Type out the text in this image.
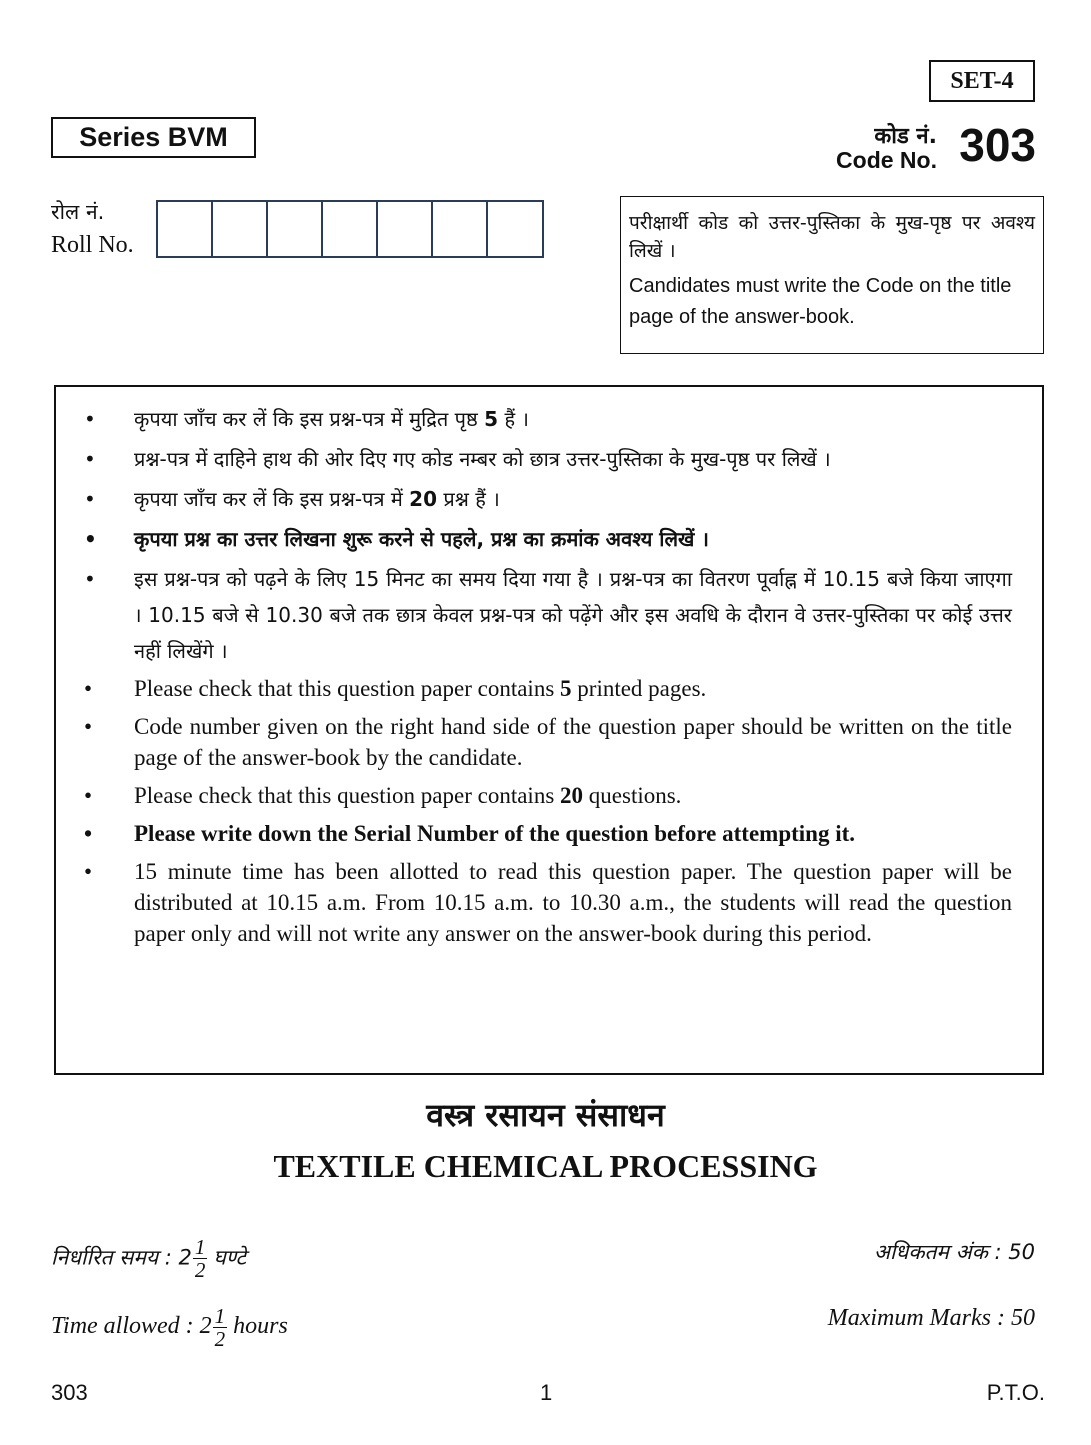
SET-4
Series BVM	कोड नं.
Code No. 303
रोल नं.
Roll No.
परीक्षार्थी कोड को उत्तर-पुस्तिका के मुख-पृष्ठ पर अवश्य लिखें ।
Candidates must write the Code on the title page of the answer-book.
• कृपया जाँच कर लें कि इस प्रश्न-पत्र में मुद्रित पृष्ठ 5 हैं ।
• प्रश्न-पत्र में दाहिने हाथ की ओर दिए गए कोड नम्बर को छात्र उत्तर-पुस्तिका के मुख-पृष्ठ पर लिखें ।
• कृपया जाँच कर लें कि इस प्रश्न-पत्र में 20 प्रश्न हैं ।
• कृपया प्रश्न का उत्तर लिखना शुरू करने से पहले, प्रश्न का क्रमांक अवश्य लिखें ।
• इस प्रश्न-पत्र को पढ़ने के लिए 15 मिनट का समय दिया गया है । प्रश्न-पत्र का वितरण पूर्वाह्न में 10.15 बजे किया जाएगा । 10.15 बजे से 10.30 बजे तक छात्र केवल प्रश्न-पत्र को पढ़ेंगे और इस अवधि के दौरान वे उत्तर-पुस्तिका पर कोई उत्तर नहीं लिखेंगे ।
• Please check that this question paper contains 5 printed pages.
• Code number given on the right hand side of the question paper should be written on the title page of the answer-book by the candidate.
• Please check that this question paper contains 20 questions.
• Please write down the Serial Number of the question before attempting it.
• 15 minute time has been allotted to read this question paper. The question paper will be distributed at 10.15 a.m. From 10.15 a.m. to 10.30 a.m., the students will read the question paper only and will not write any answer on the answer-book during this period.
वस्त्र रसायन संसाधन
TEXTILE CHEMICAL PROCESSING
निर्धारित समय : $2 \frac{1}{2}$ घण्टे	अधिकतम अंक : 50
Time allowed : $2 \frac{1}{2}$ hours	Maximum Marks : 50
303	1	P.T.O.
